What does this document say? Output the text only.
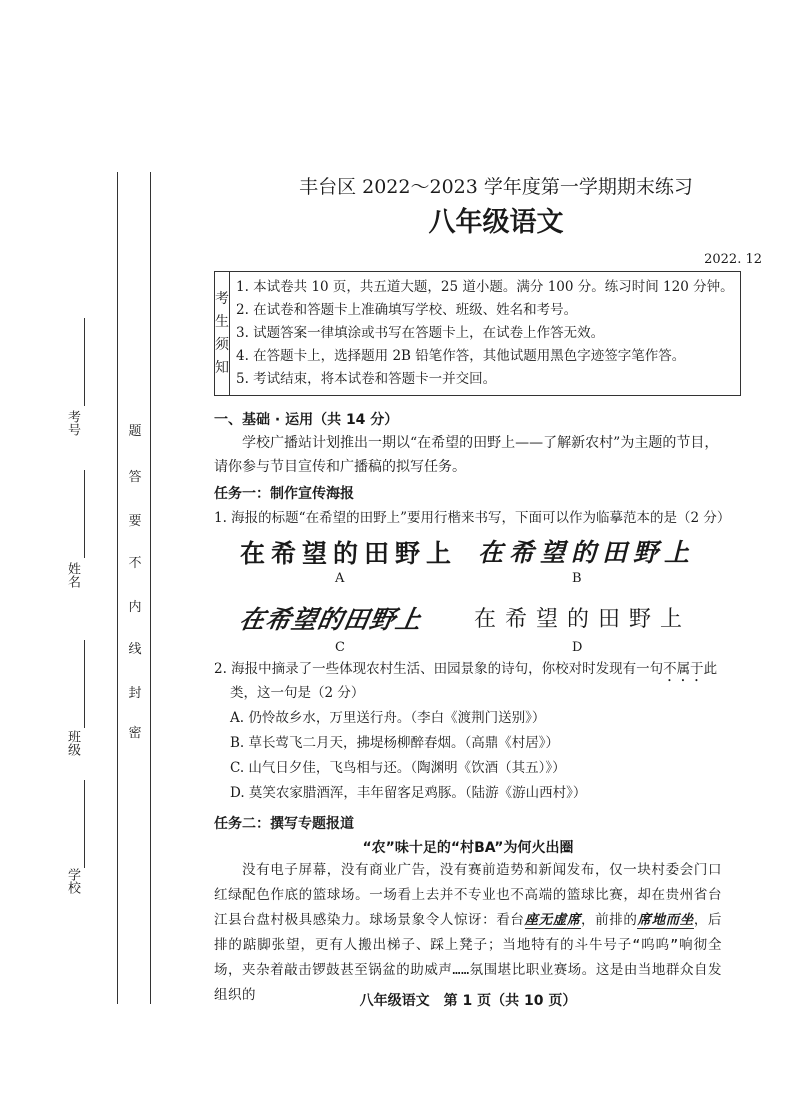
考号
姓名
班级
学校
密
封
线
内
不
要
答
题
丰台区 2022～2023 学年度第一学期期末练习
八年级语文
2022. 12
考
生
须
知

1. 本试卷共 10 页，共五道大题，25 道小题。满分 100 分。练习时间 120 分钟。
2. 在试卷和答题卡上准确填写学校、班级、姓名和考号。
3. 试题答案一律填涂或书写在答题卡上，在试卷上作答无效。
4. 在答题卡上，选择题用 2B 铅笔作答，其他试题用黑色字迹签字笔作答。
5. 考试结束，将本试卷和答题卡一并交回。
一、基础 · 运用（共 14 分）
学校广播站计划推出一期以“在希望的田野上——了解新农村”为主题的节目，请你参与节目宣传和广播稿的拟写任务。
任务一：制作宣传海报
1. 海报的标题“在希望的田野上”要用行楷来书写，下面可以作为临摹范本的是（2 分）
在希望的田野上
A
在希望的田野上
B
在希望的田野上
C
在希望的田野上
D
2. 海报中摘录了一些体现农村生活、田园景象的诗句，你校对时发现有一句不属于此
类，这一句是（2 分）
A. 仍怜故乡水，万里送行舟。（李白《渡荆门送别》）
B. 草长莺飞二月天，拂堤杨柳醉春烟。（高鼎《村居》）
C. 山气日夕佳，飞鸟相与还。（陶渊明《饮酒（其五）》）
D. 莫笑农家腊酒浑，丰年留客足鸡豚。（陆游《游山西村》）
任务二：撰写专题报道
“农”味十足的“村BA”为何火出圈
没有电子屏幕，没有商业广告，没有赛前造势和新闻发布，仅一块村委会门口红绿配色作底的篮球场。一场看上去并不专业也不高端的篮球比赛，却在贵州省台江县台盘村极具感染力。球场景象令人惊讶：看台座无虚席，前排的席地而坐，后排的踮脚张望，更有人搬出梯子、踩上凳子；当地特有的斗牛号子“呜呜”响彻全场，夹杂着敲击锣鼓甚至锅盆的助威声……氛围堪比职业赛场。这是由当地群众自发组织的	八年级语文　第 1 页（共 10 页）
